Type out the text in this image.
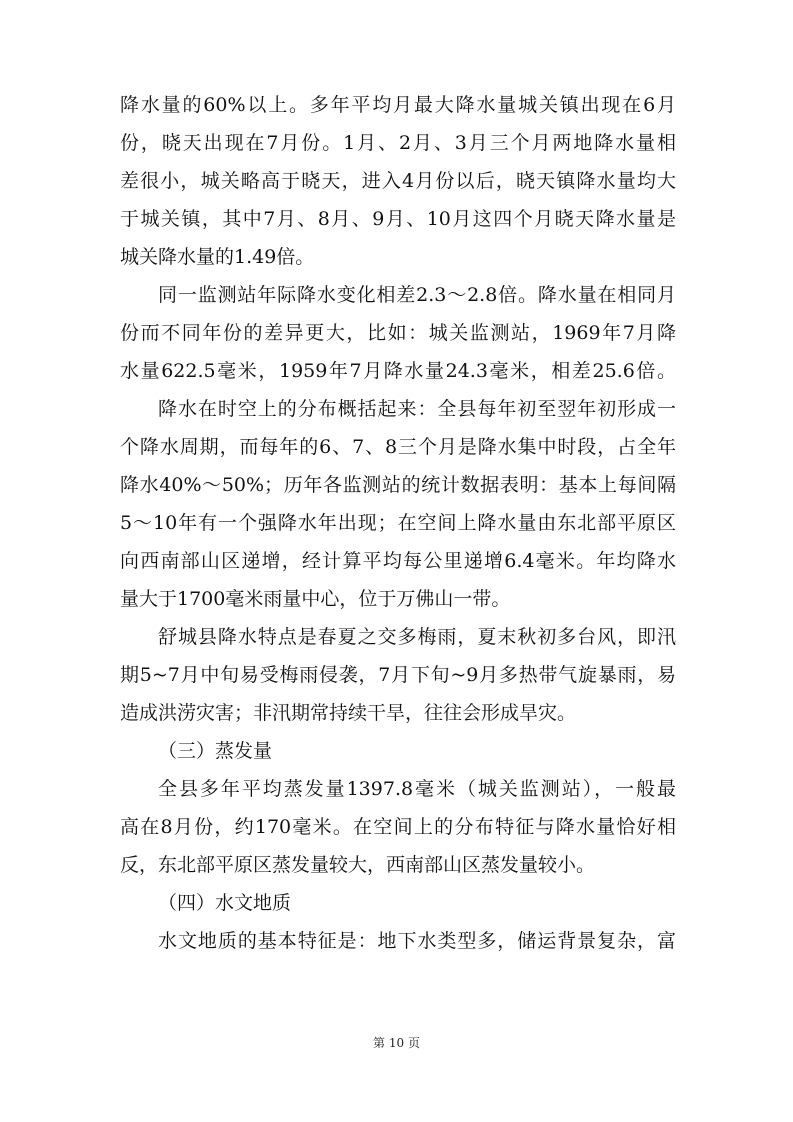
降水量的60%以上。多年平均月最大降水量城关镇出现在6月
份，晓天出现在7月份。1月、2月、3月三个月两地降水量相
差很小，城关略高于晓天，进入4月份以后，晓天镇降水量均大
于城关镇，其中7月、8月、9月、10月这四个月晓天降水量是
城关降水量的1.49倍。
同一监测站年际降水变化相差2.3～2.8倍。降水量在相同月
份而不同年份的差异更大，比如：城关监测站，1969年7月降
水量622.5毫米，1959年7月降水量24.3毫米，相差25.6倍。
降水在时空上的分布概括起来：全县每年初至翌年初形成一
个降水周期，而每年的6、7、8三个月是降水集中时段，占全年
降水40%～50%；历年各监测站的统计数据表明：基本上每间隔
5～10年有一个强降水年出现；在空间上降水量由东北部平原区
向西南部山区递增，经计算平均每公里递增6.4毫米。年均降水
量大于1700毫米雨量中心，位于万佛山一带。
舒城县降水特点是春夏之交多梅雨，夏末秋初多台风，即汛
期5~7月中旬易受梅雨侵袭，7月下旬~9月多热带气旋暴雨，易
造成洪涝灾害；非汛期常持续干旱，往往会形成旱灾。
（三）蒸发量
全县多年平均蒸发量1397.8毫米（城关监测站），一般最
高在8月份，约170毫米。在空间上的分布特征与降水量恰好相
反，东北部平原区蒸发量较大，西南部山区蒸发量较小。
（四）水文地质
水文地质的基本特征是：地下水类型多，储运背景复杂，富
第 10 页
